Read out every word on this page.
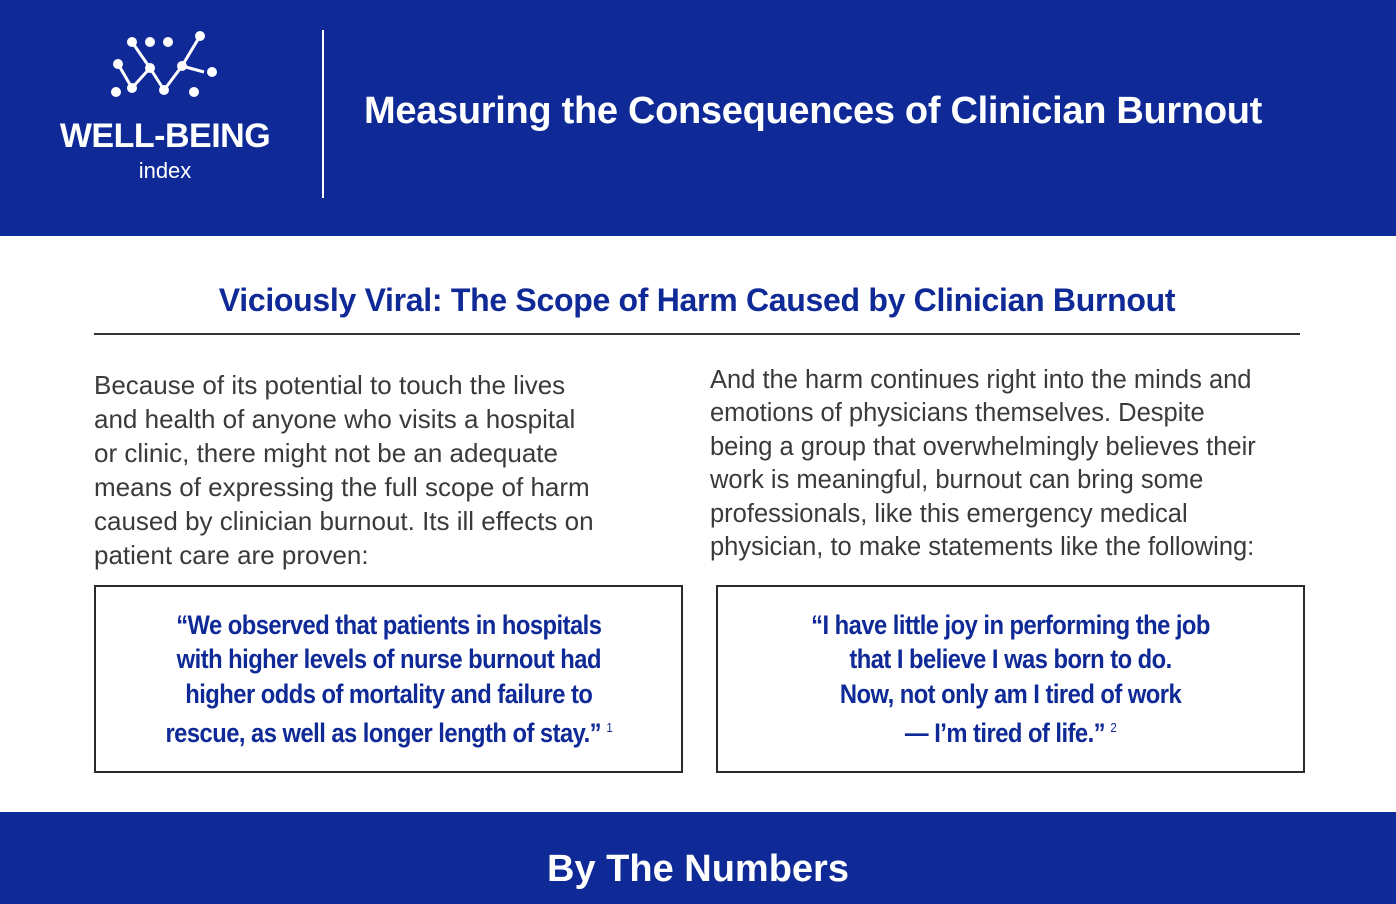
WELL-BEING
index
Measuring the Consequences of Clinician Burnout
Viciously Viral: The Scope of Harm Caused by Clinician Burnout
Because of its potential to touch the lives
and health of anyone who visits a hospital
or clinic, there might not be an adequate
means of expressing the full scope of harm
caused by clinician burnout. Its ill effects on
patient care are proven:
And the harm continues right into the minds and
emotions of physicians themselves. Despite
being a group that overwhelmingly believes their
work is meaningful, burnout can bring some
professionals, like this emergency medical
physician, to make statements like the following:
“We observed that patients in hospitals
with higher levels of nurse burnout had
higher odds of mortality and failure to
rescue, as well as longer length of stay.” $^1$
“I have little joy in performing the job
that I believe I was born to do.
Now, not only am I tired of work
— I’m tired of life.” $^2$
By The Numbers
